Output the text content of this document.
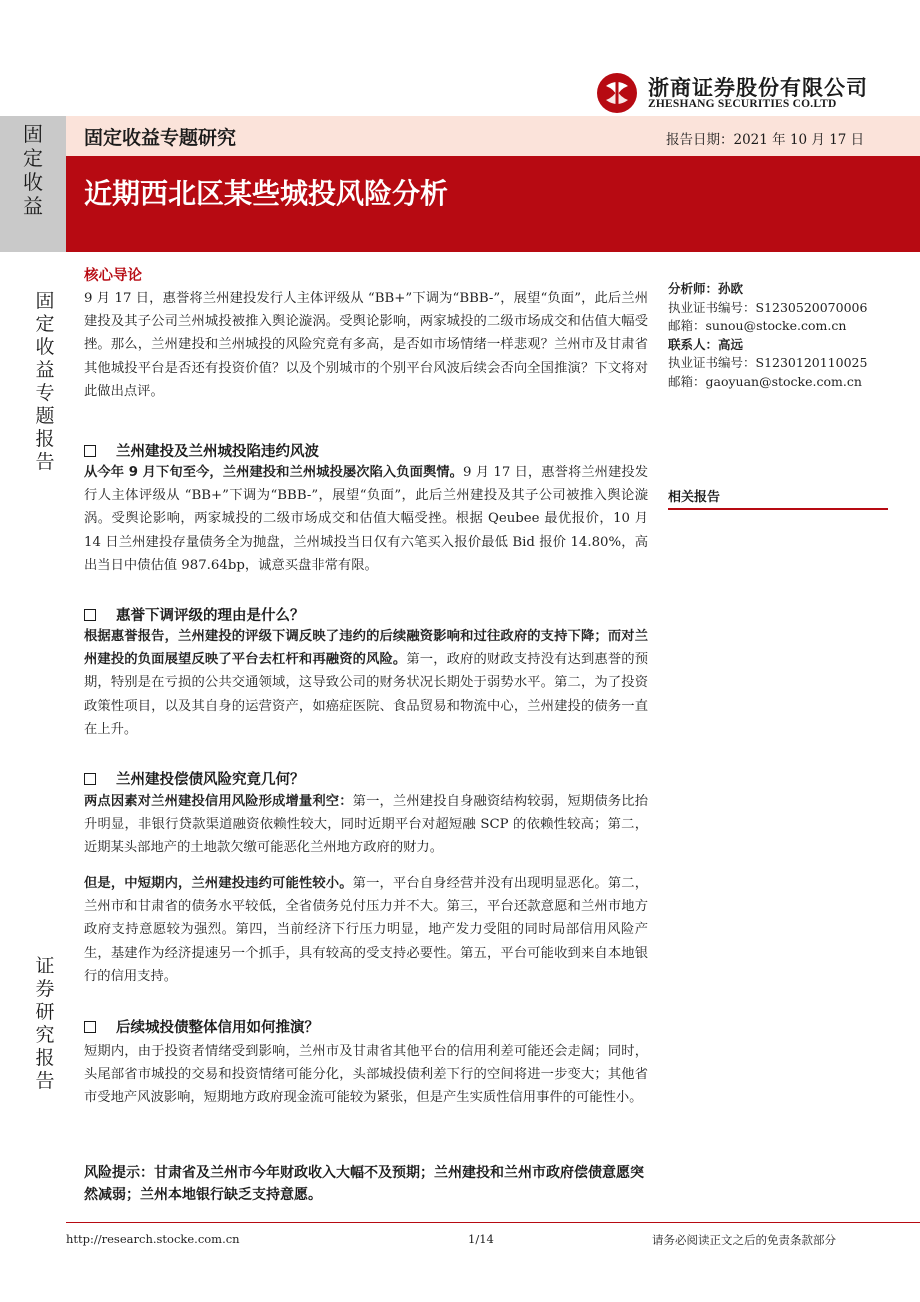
浙商证券股份有限公司
ZHESHANG SECURITIES CO.LTD
固
定
收
益
固定收益专题研究	报告日期：2021 年 10 月 17 日
近期西北区某些城投风险分析
固
定
收
益
专
题
报
告
证
券
研
究
报
告
核心导论
9 月 17 日，惠誉将兰州建投发行人主体评级从 “BB+”下调为“BBB-”，展望“负面”，此后兰州建投及其子公司兰州城投被推入舆论漩涡。受舆论影响，两家城投的二级市场成交和估值大幅受挫。那么，兰州建投和兰州城投的风险究竟有多高，是否如市场情绪一样悲观？兰州市及甘肃省其他城投平台是否还有投资价值？以及个别城市的个别平台风波后续会否向全国推演？下文将对此做出点评。
兰州建投及兰州城投陷违约风波
从今年 9 月下旬至今，兰州建投和兰州城投屡次陷入负面舆情。9 月 17 日，惠誉将兰州建投发行人主体评级从 “BB+”下调为“BBB-”，展望“负面”，此后兰州建投及其子公司被推入舆论漩涡。受舆论影响，两家城投的二级市场成交和估值大幅受挫。根据 Qeubee 最优报价，10 月 14 日兰州建投存量债务全为抛盘，兰州城投当日仅有六笔买入报价最低 Bid 报价 14.80%，高出当日中债估值 987.64bp，诚意买盘非常有限。
惠誉下调评级的理由是什么？
根据惠誉报告，兰州建投的评级下调反映了违约的后续融资影响和过往政府的支持下降；而对兰州建投的负面展望反映了平台去杠杆和再融资的风险。第一，政府的财政支持没有达到惠誉的预期，特别是在亏损的公共交通领域，这导致公司的财务状况长期处于弱势水平。第二，为了投资政策性项目，以及其自身的运营资产，如癌症医院、食品贸易和物流中心，兰州建投的债务一直在上升。
兰州建投偿债风险究竟几何？
两点因素对兰州建投信用风险形成增量利空：第一，兰州建投自身融资结构较弱，短期债务比抬升明显，非银行贷款渠道融资依赖性较大，同时近期平台对超短融 SCP 的依赖性较高；第二，近期某头部地产的土地款欠缴可能恶化兰州地方政府的财力。
但是，中短期内，兰州建投违约可能性较小。第一，平台自身经营并没有出现明显恶化。第二，兰州市和甘肃省的债务水平较低，全省债务兑付压力并不大。第三，平台还款意愿和兰州市地方政府支持意愿较为强烈。第四，当前经济下行压力明显，地产发力受阻的同时局部信用风险产生，基建作为经济提速另一个抓手，具有较高的受支持必要性。第五，平台可能收到来自本地银行的信用支持。
后续城投债整体信用如何推演？
短期内，由于投资者情绪受到影响，兰州市及甘肃省其他平台的信用利差可能还会走阔；同时，头尾部省市城投的交易和投资情绪可能分化，头部城投债利差下行的空间将进一步变大；其他省市受地产风波影响，短期地方政府现金流可能较为紧张，但是产生实质性信用事件的可能性小。
风险提示：甘肃省及兰州市今年财政收入大幅不及预期；兰州建投和兰州市政府偿债意愿突然减弱；兰州本地银行缺乏支持意愿。
分析师：孙欧
执业证书编号：S1230520070006
邮箱：sunou@stocke.com.cn
联系人：高远
执业证书编号：S1230120110025
邮箱：gaoyuan@stocke.com.cn
相关报告
http://research.stocke.com.cn	1/14	请务必阅读正文之后的免责条款部分
